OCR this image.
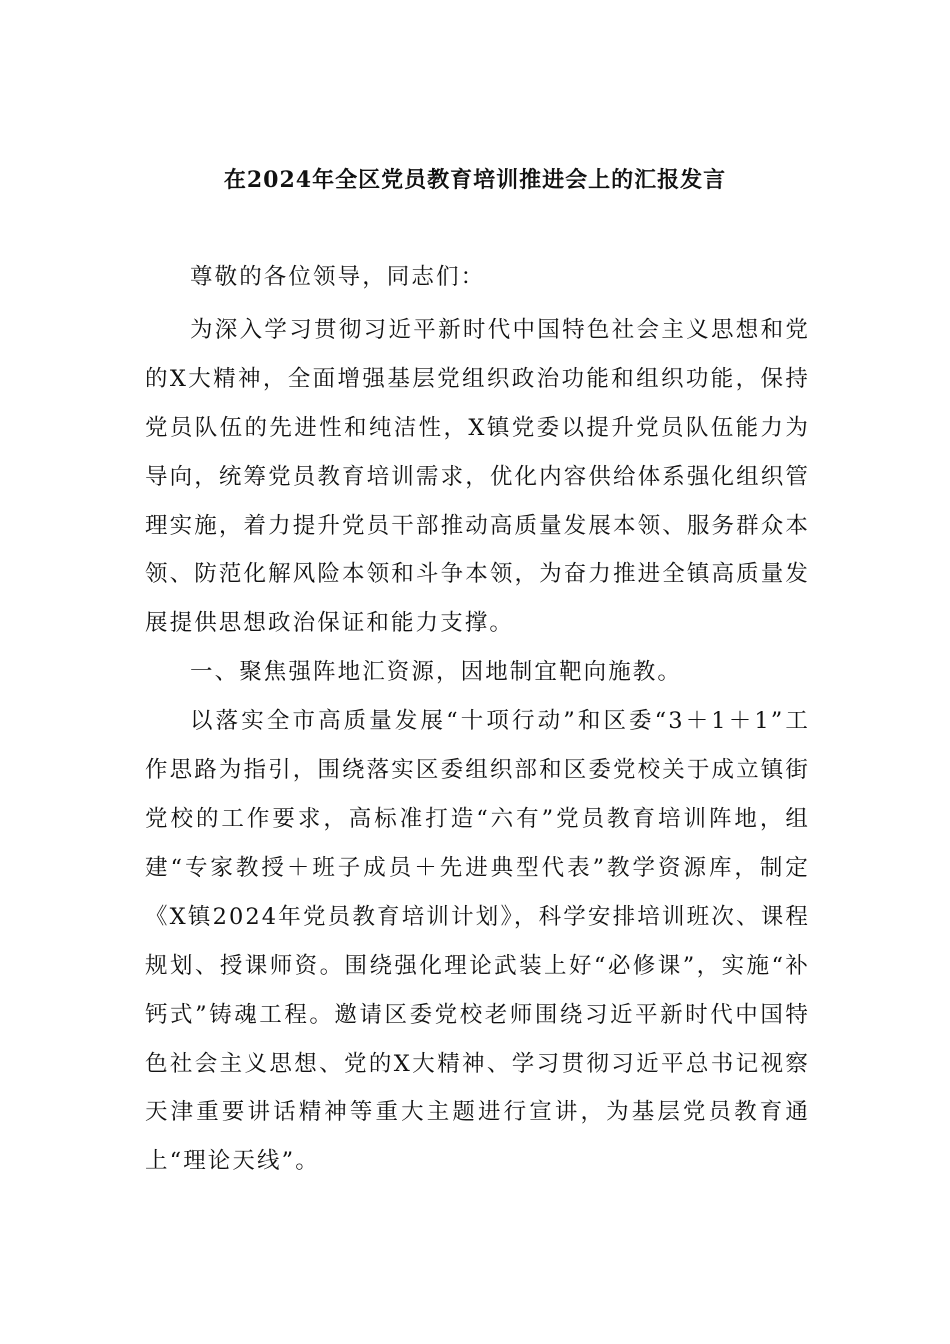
在2024年全区党员教育培训推进会上的汇报发言

尊敬的各位领导，同志们：

为深入学习贯彻习近平新时代中国特色社会主义思想和党的X大精神，全面增强基层党组织政治功能和组织功能，保持党员队伍的先进性和纯洁性，X镇党委以提升党员队伍能力为导向，统筹党员教育培训需求，优化内容供给体系强化组织管理实施，着力提升党员干部推动高质量发展本领、服务群众本领、防范化解风险本领和斗争本领，为奋力推进全镇高质量发展提供思想政治保证和能力支撑。

一、聚焦强阵地汇资源，因地制宜靶向施教。

以落实全市高质量发展“十项行动”和区委“3＋1＋1”工作思路为指引，围绕落实区委组织部和区委党校关于成立镇街党校的工作要求，高标准打造“六有”党员教育培训阵地，组建“专家教授＋班子成员＋先进典型代表”教学资源库，制定《X镇2024年党员教育培训计划》，科学安排培训班次、课程规划、授课师资。围绕强化理论武装上好“必修课”，实施“补钙式”铸魂工程。邀请区委党校老师围绕习近平新时代中国特色社会主义思想、党的X大精神、学习贯彻习近平总书记视察天津重要讲话精神等重大主题进行宣讲，为基层党员教育通上“理论天线”。
